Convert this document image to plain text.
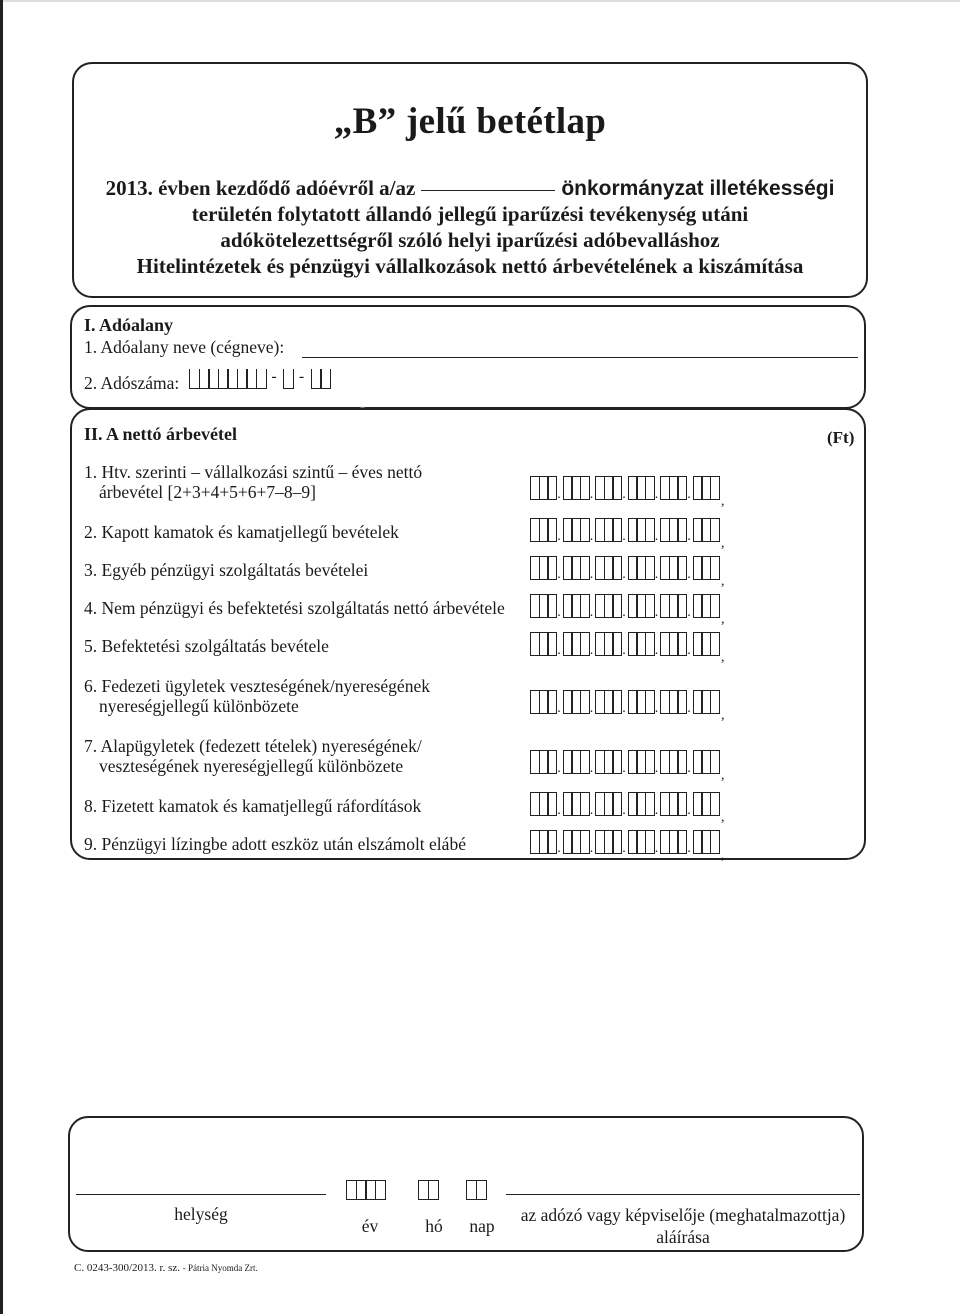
„B” jelű betétlap
2013. évben kezdődő adóévről a/az	önkormányzat illetékességi
területén folytatott állandó jellegű iparűzési tevékenység utáni
adókötelezettségről szóló helyi iparűzési adóbevalláshoz
Hitelintézetek és pénzügyi vállalkozások nettó árbevételének a kiszámítása
I. Adóalany
1. Adóalany neve (cégneve):
2. Adószáma:	-	-
II. A nettó árbevétel	(Ft)
1. Htv. szerinti – vállalkozási szintű – éves nettó
árbevétel [2+3+4+5+6+7–8–9]	. . . . . ,
2. Kapott kamatok és kamatjellegű bevételek	. . . . . ,
3. Egyéb pénzügyi szolgáltatás bevételei	. . . . . ,
4. Nem pénzügyi és befektetési szolgáltatás nettó árbevétele	. . . . . ,
5. Befektetési szolgáltatás bevétele	. . . . . ,
6. Fedezeti ügyletek veszteségének/nyereségének
nyereségjellegű különbözete	. . . . . ,
7. Alapügyletek (fedezett tételek) nyereségének/
veszteségének nyereségjellegű különbözete	. . . . . ,
8. Fizetett kamatok és kamatjellegű ráfordítások	. . . . . ,
9. Pénzügyi lízingbe adott eszköz után elszámolt elábé	. . . . . ,
helység
év	hó	nap
az adózó vagy képviselője (meghatalmazottja)
aláírása
C. 0243-300/2013. r. sz. - Pátria Nyomda Zrt.
